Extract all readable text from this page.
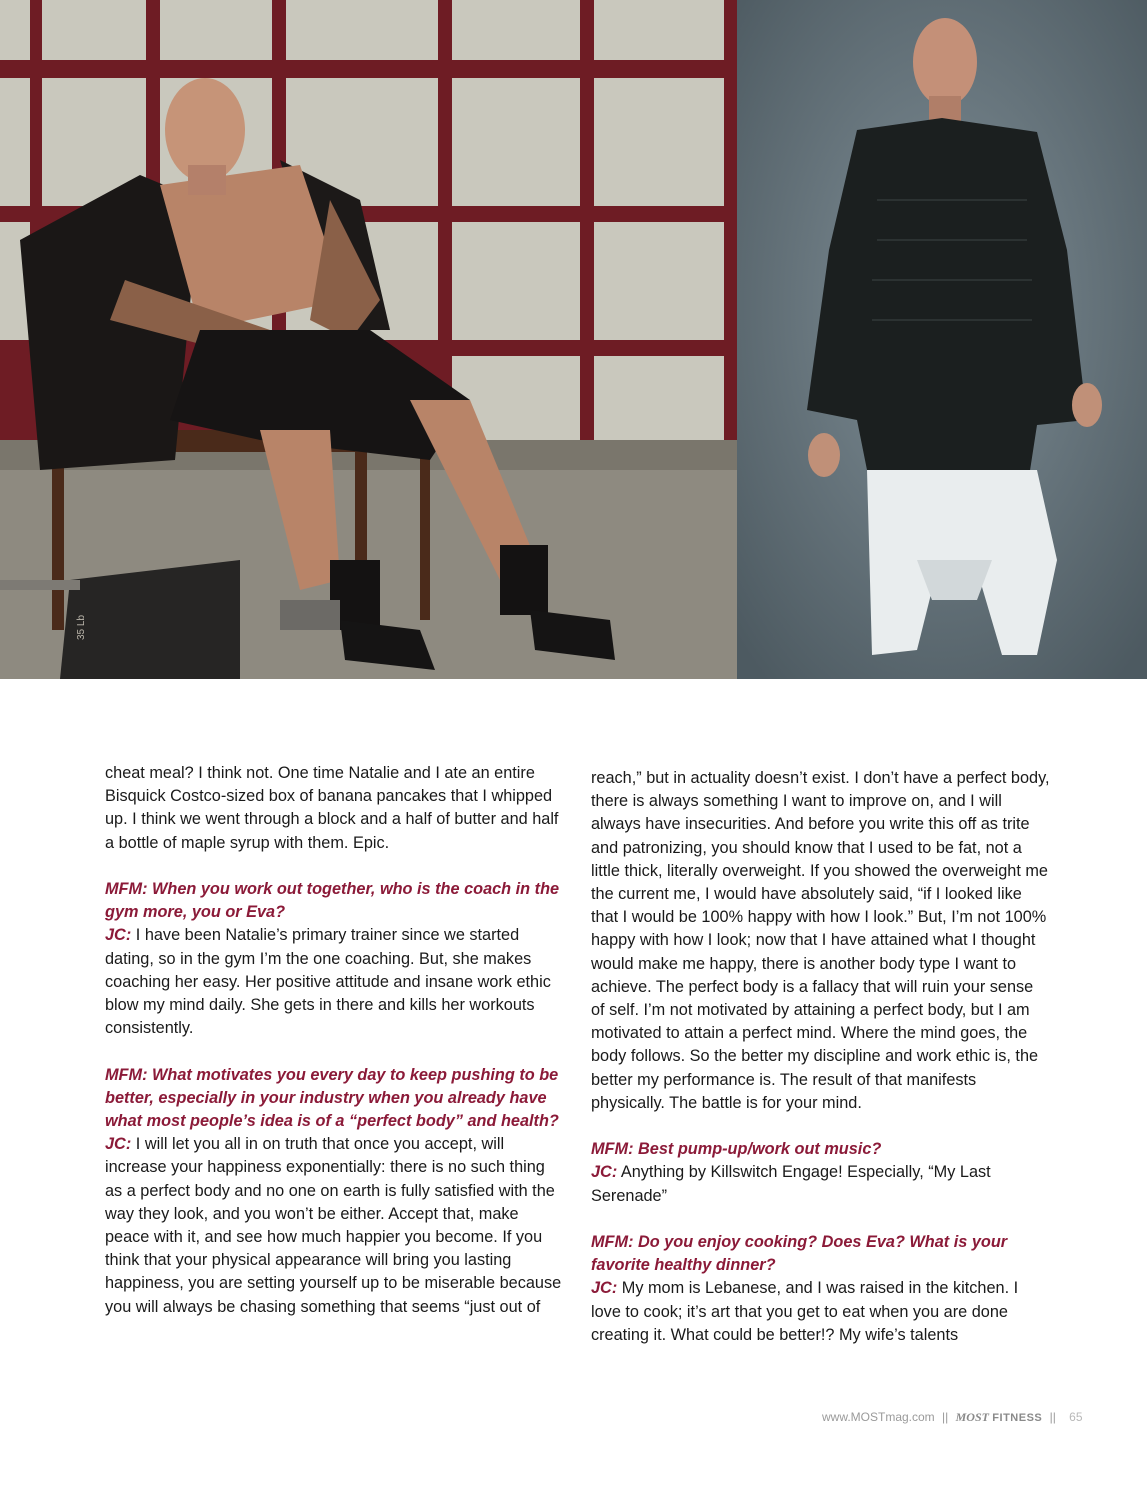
35 Lb

cheat meal? I think not. One time Natalie and I ate an entire Bisquick Costco-sized box of banana pancakes that I whipped up. I think we went through a block and a half of butter and half a bottle of maple syrup with them. Epic.

MFM: When you work out together, who is the coach in the gym more, you or Eva?
JC: I have been Natalie’s primary trainer since we started dating, so in the gym I’m the one coaching. But, she makes coaching her easy. Her positive attitude and insane work ethic blow my mind daily. She gets in there and kills her workouts consistently.

MFM: What motivates you every day to keep pushing to be better, especially in your industry when you already have what most people’s idea is of a “perfect body” and health?
JC: I will let you all in on truth that once you accept, will increase your happiness exponentially: there is no such thing as a perfect body and no one on earth is fully satisfied with the way they look, and you won’t be either. Accept that, make peace with it, and see how much happier you become. If you think that your physical appearance will bring you lasting happiness, you are setting yourself up to be miserable because you will always be chasing something that seems “just out of

reach,” but in actuality doesn’t exist. I don’t have a perfect body, there is always something I want to improve on, and I will always have insecurities. And before you write this off as trite and patronizing, you should know that I used to be fat, not a little thick, literally overweight. If you showed the overweight me the current me, I would have absolutely said, “if I looked like that I would be 100% happy with how I look.” But, I’m not 100% happy with how I look; now that I have attained what I thought would make me happy, there is another body type I want to achieve. The perfect body is a fallacy that will ruin your sense of self. I’m not motivated by attaining a perfect body, but I am motivated to attain a perfect mind. Where the mind goes, the body follows. So the better my discipline and work ethic is, the better my performance is. The result of that manifests physically. The battle is for your mind.

MFM: Best pump-up/work out music?
JC: Anything by Killswitch Engage! Especially, “My Last Serenade”

MFM: Do you enjoy cooking? Does Eva? What is your favorite healthy dinner?
JC: My mom is Lebanese, and I was raised in the kitchen. I love to cook; it’s art that you get to eat when you are done creating it. What could be better!? My wife’s talents

www.MOSTmag.com || MOST FITNESS || 65
